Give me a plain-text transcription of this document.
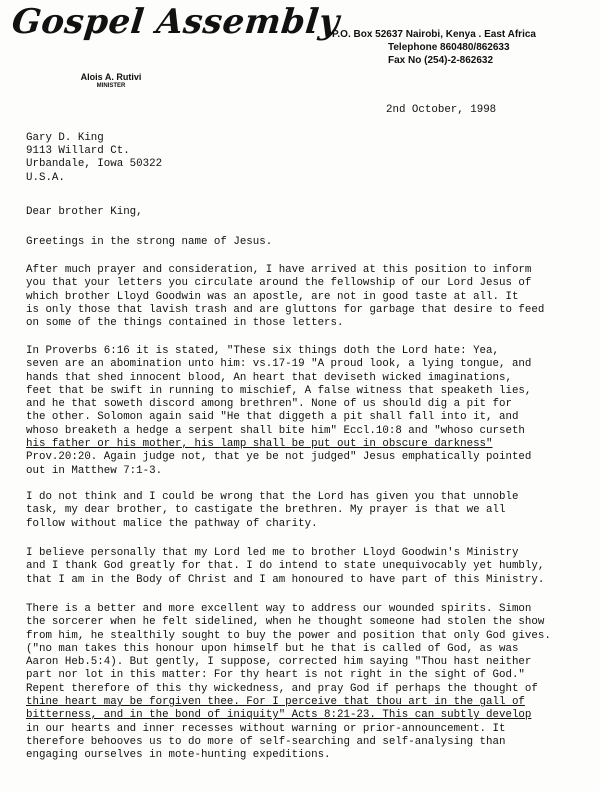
Gospel Assembly
Alois A. Rutivi
MINISTER
P.O. Box 52637 Nairobi, Kenya . East Africa
Telephone 860480/862633
Fax No (254)-2-862632
2nd October, 1998
Gary D. King
9113 Willard Ct.
Urbandale, Iowa 50322
U.S.A.
Dear brother King,
Greetings in the strong name of Jesus.
After much prayer and consideration, I have arrived at this position to inform
you that your letters you circulate around the fellowship of our Lord Jesus of
which brother Lloyd Goodwin was an apostle, are not in good taste at all. It
is only those that lavish trash and are gluttons for garbage that desire to feed
on some of the things contained in those letters.
In Proverbs 6:16 it is stated, "These six things doth the Lord hate: Yea,
seven are an abomination unto him: vs.17-19 "A proud look, a lying tongue, and
hands that shed innocent blood, An heart that deviseth wicked imaginations,
feet that be swift in running to mischief, A false witness that speaketh lies,
and he that soweth discord among brethren". None of us should dig a pit for
the other. Solomon again said "He that diggeth a pit shall fall into it, and
whoso breaketh a hedge a serpent shall bite him" Eccl.10:8 and "whoso curseth
his father or his mother, his lamp shall be put out in obscure darkness"
Prov.20:20. Again judge not, that ye be not judged" Jesus emphatically pointed
out in Matthew 7:1-3.
I do not think and I could be wrong that the Lord has given you that unnoble
task, my dear brother, to castigate the brethren. My prayer is that we all
follow without malice the pathway of charity.
I believe personally that my Lord led me to brother Lloyd Goodwin's Ministry
and I thank God greatly for that. I do intend to state unequivocably yet humbly,
that I am in the Body of Christ and I am honoured to have part of this Ministry.
There is a better and more excellent way to address our wounded spirits. Simon
the sorcerer when he felt sidelined, when he thought someone had stolen the show
from him, he stealthily sought to buy the power and position that only God gives.
("no man takes this honour upon himself but he that is called of God, as was
Aaron Heb.5:4). But gently, I suppose, corrected him saying "Thou hast neither
part nor lot in this matter: For thy heart is not right in the sight of God."
Repent therefore of this thy wickedness, and pray God if perhaps the thought of
thine heart may be forgiven thee. For I perceive that thou art in the gall of
bitterness, and in the bond of iniquity" Acts 8:21-23. This can subtly develop
in our hearts and inner recesses without warning or prior-announcement. It
therefore behooves us to do more of self-searching and self-analysing than
engaging ourselves in mote-hunting expeditions.
